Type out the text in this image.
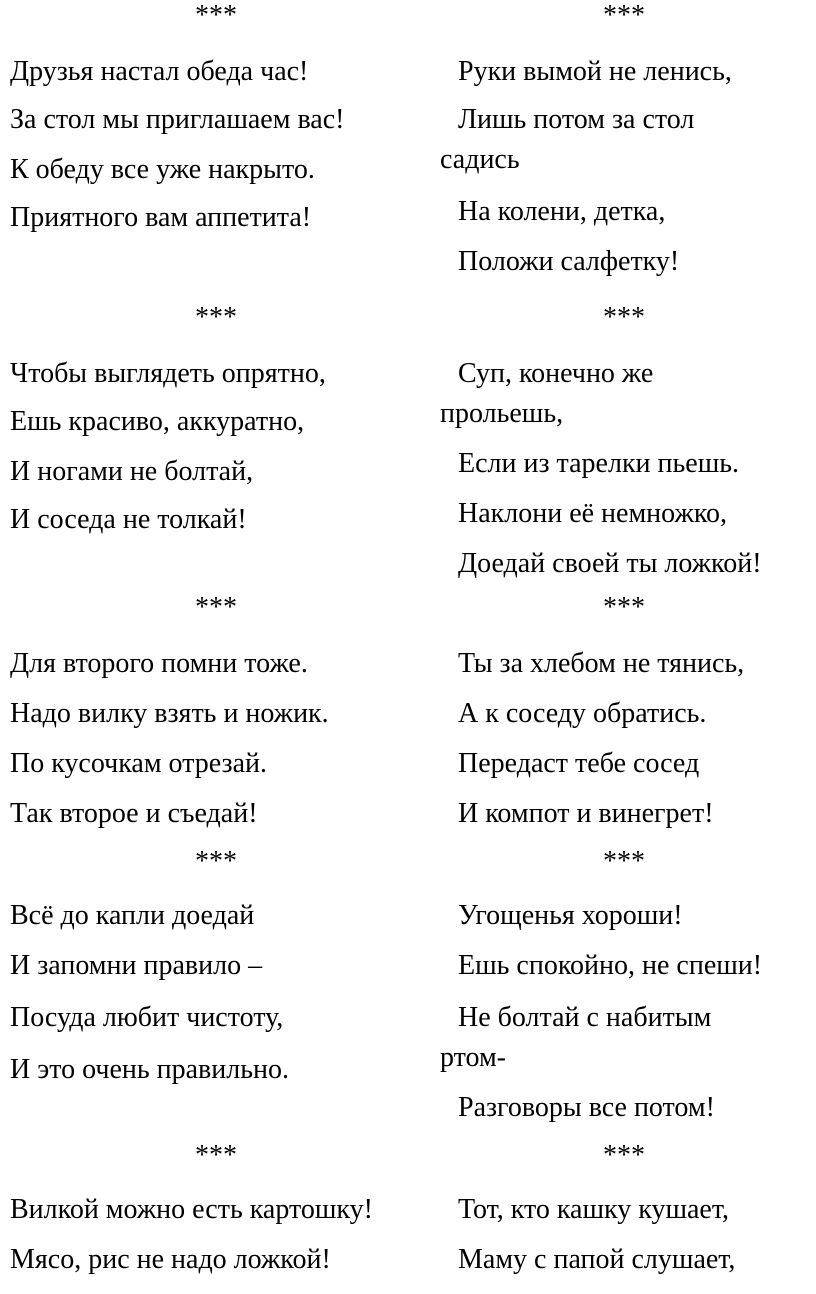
***	***
***	***
***	***
***	***
***	***
Друзья настал обеда час!
За стол мы приглашаем вас!
К обеду все уже накрыто.
Приятного вам аппетита!
Чтобы выглядеть опрятно,
Ешь красиво, аккуратно,
И ногами не болтай,
И соседа не толкай!
Для второго помни тоже.
Надо вилку взять и ножик.
По кусочкам отрезай.
Так второе и съедай!
Всё до капли доедай
И запомни правило –
Посуда любит чистоту,
И это очень правильно.
Вилкой можно есть картошку!
Мясо, рис не надо ложкой!
Руки вымой не ленись,
Лишь потом за стол
садись
На колени, детка,
Положи салфетку!
Суп, конечно же
прольешь,
Если из тарелки пьешь.
Наклони её немножко,
Доедай своей ты ложкой!
Ты за хлебом не тянись,
А к соседу обратись.
Передаст тебе сосед
И компот и винегрет!
Угощенья хороши!
Ешь спокойно, не спеши!
Не болтай с набитым
ртом-
Разговоры все потом!
Тот, кто кашку кушает,
Маму с папой слушает,
